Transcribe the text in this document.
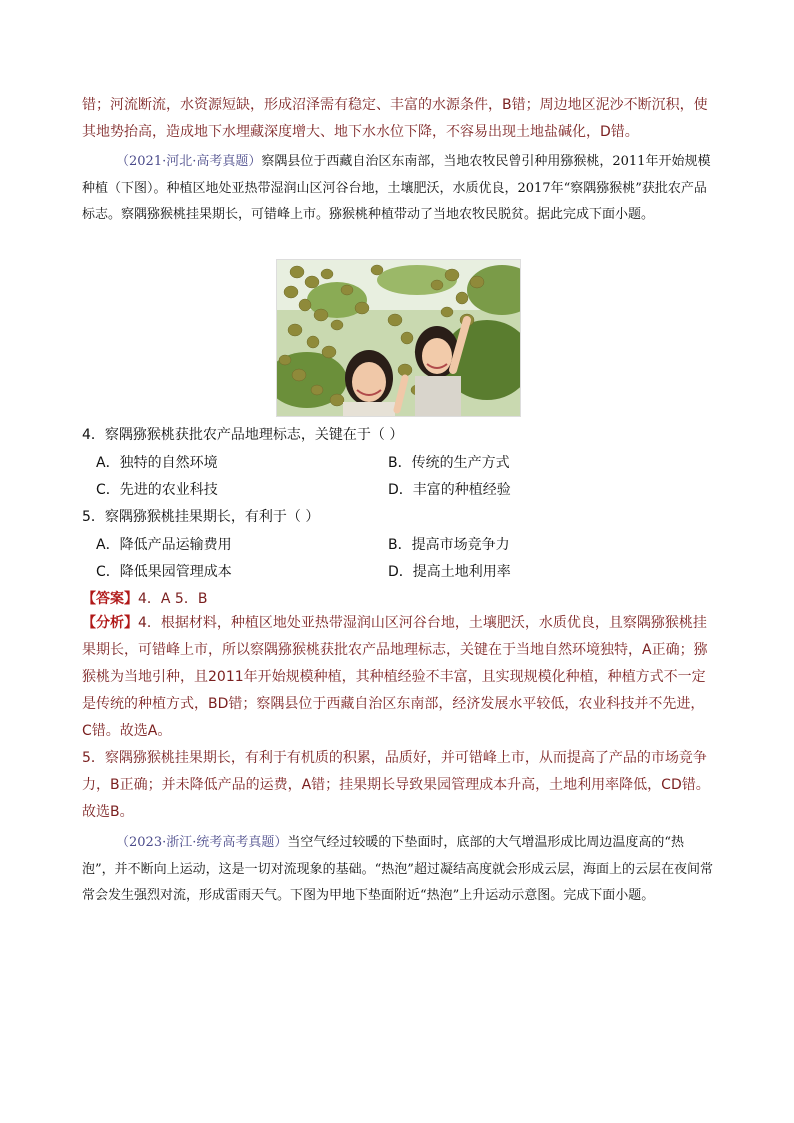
错；河流断流，水资源短缺，形成沼泽需有稳定、丰富的水源条件，B错；周边地区泥沙不断沉积，使

其地势抬高，造成地下水埋藏深度增大、地下水水位下降，不容易出现土地盐碱化，D错。

（2021·河北·高考真题）察隅县位于西藏自治区东南部，当地农牧民曾引种用猕猴桃，2011年开始规模种植（下图）。种植区地处亚热带湿润山区河谷台地，土壤肥沃，水质优良，2017年“察隅猕猴桃”获批农产品标志。察隅猕猴桃挂果期长，可错峰上市。猕猴桃种植带动了当地农牧民脱贫。据此完成下面小题。

4．察隅猕猴桃获批农产品地理标志，关键在于（ ）
A．独特的自然环境	B．传统的生产方式
C．先进的农业科技	D．丰富的种植经验
5．察隅猕猴桃挂果期长，有利于（ ）
A．降低产品运输费用	B．提高市场竞争力
C．降低果园管理成本	D．提高土地利用率
【答案】4．A 5．B

【分析】4．根据材料，种植区地处亚热带湿润山区河谷台地，土壤肥沃，水质优良，且察隅猕猴桃挂果期长，可错峰上市，所以察隅猕猴桃获批农产品地理标志，关键在于当地自然环境独特，A正确；猕猴桃为当地引种，且2011年开始规模种植，其种植经验不丰富，且实现规模化种植，种植方式不一定是传统的种植方式，BD错；察隅县位于西藏自治区东南部，经济发展水平较低，农业科技并不先进，C错。故选A。

5．察隅猕猴桃挂果期长，有利于有机质的积累，品质好，并可错峰上市，从而提高了产品的市场竞争力，B正确；并未降低产品的运费，A错；挂果期长导致果园管理成本升高，土地利用率降低，CD错。故选B。

（2023·浙江·统考高考真题）当空气经过较暖的下垫面时，底部的大气增温形成比周边温度高的“热泡”，并不断向上运动，这是一切对流现象的基础。“热泡”超过凝结高度就会形成云层，海面上的云层在夜间常常会发生强烈对流，形成雷雨天气。下图为甲地下垫面附近“热泡”上升运动示意图。完成下面小题。
